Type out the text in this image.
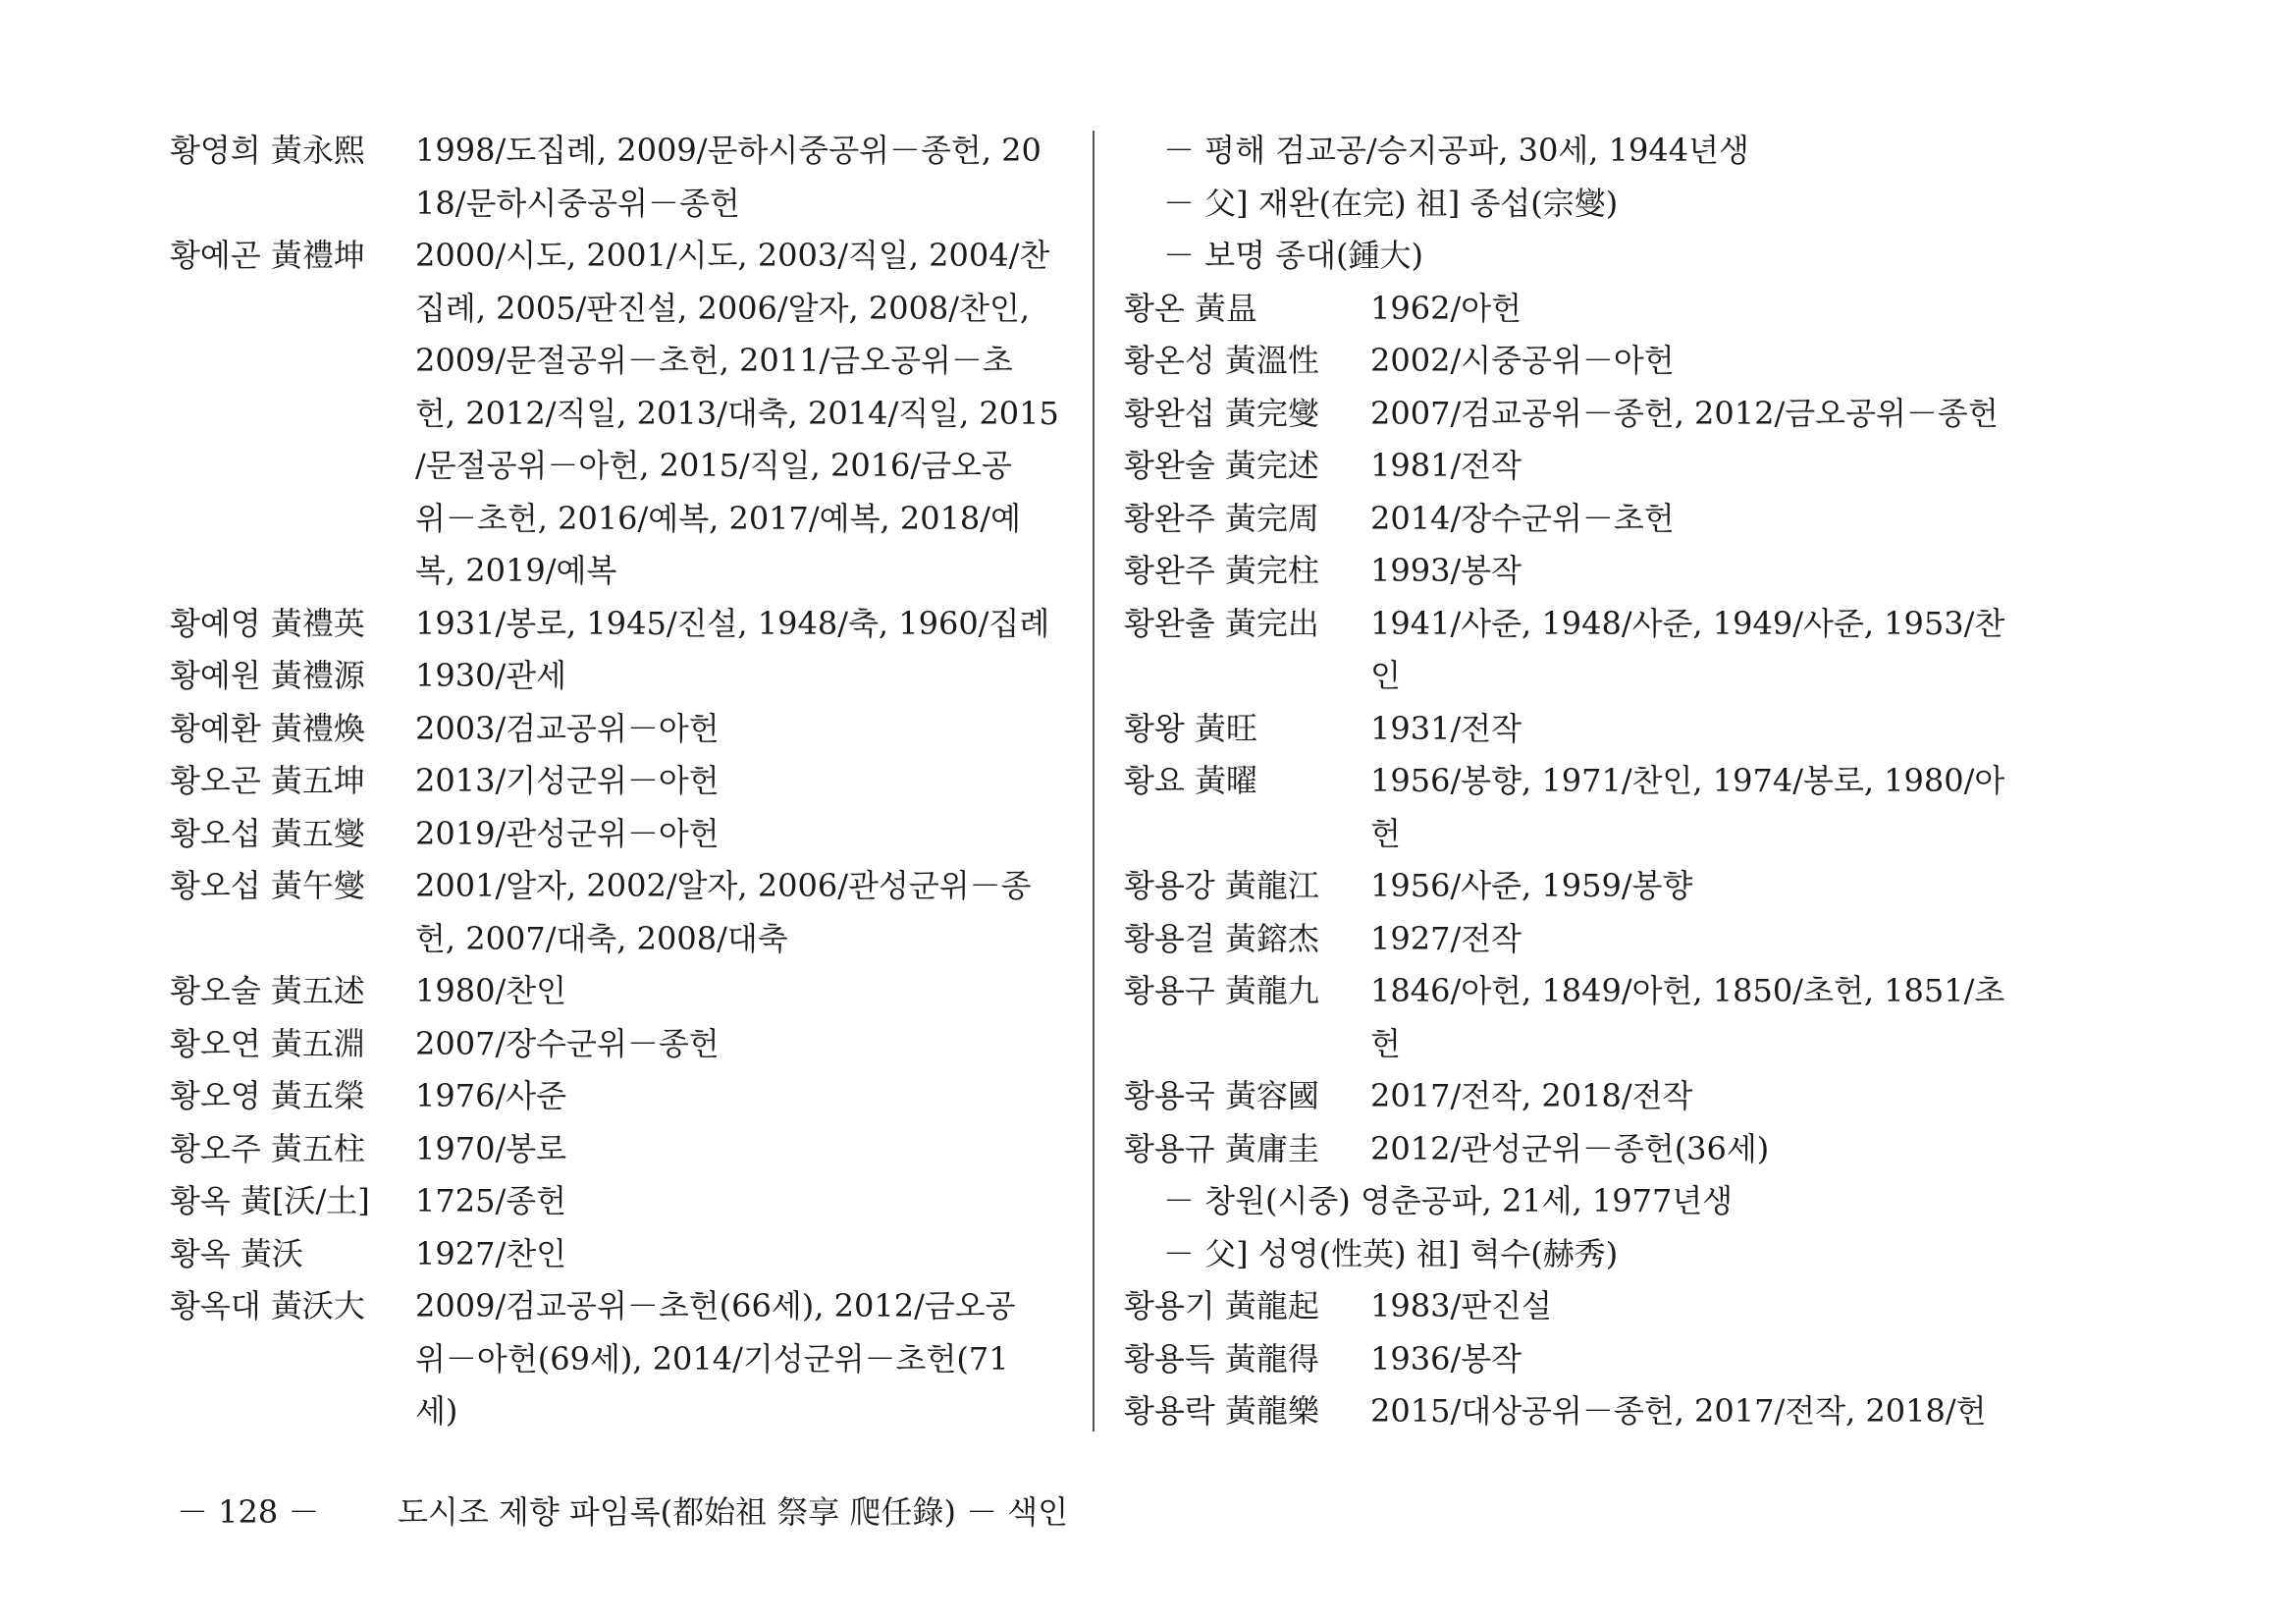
황영희 黃永熙	1998/도집례, 2009/문하시중공위－종헌, 20
18/문하시중공위－종헌
황예곤 黃禮坤	2000/시도, 2001/시도, 2003/직일, 2004/찬
집례, 2005/판진설, 2006/알자, 2008/찬인,
2009/문절공위－초헌, 2011/금오공위－초
헌, 2012/직일, 2013/대축, 2014/직일, 2015
/문절공위－아헌, 2015/직일, 2016/금오공
위－초헌, 2016/예복, 2017/예복, 2018/예
복, 2019/예복
황예영 黃禮英	1931/봉로, 1945/진설, 1948/축, 1960/집례
황예원 黃禮源	1930/관세
황예환 黃禮煥	2003/검교공위－아헌
황오곤 黃五坤	2013/기성군위－아헌
황오섭 黃五燮	2019/관성군위－아헌
황오섭 黃午燮	2001/알자, 2002/알자, 2006/관성군위－종
헌, 2007/대축, 2008/대축
황오술 黃五述	1980/찬인
황오연 黃五淵	2007/장수군위－종헌
황오영 黃五榮	1976/사준
황오주 黃五柱	1970/봉로
황옥 黃[沃/土]	1725/종헌
황옥 黃沃	1927/찬인
황옥대 黃沃大	2009/검교공위－초헌(66세), 2012/금오공
위－아헌(69세), 2014/기성군위－초헌(71
세)
－ 평해 검교공/승지공파, 30세, 1944년생
－ 父] 재완(在完) 祖] 종섭(宗燮)
－ 보명 종대(鍾大)
황온 黃昷	1962/아헌
황온성 黃溫性	2002/시중공위－아헌
황완섭 黃完燮	2007/검교공위－종헌, 2012/금오공위－종헌
황완술 黃完述	1981/전작
황완주 黃完周	2014/장수군위－초헌
황완주 黃完柱	1993/봉작
황완출 黃完出	1941/사준, 1948/사준, 1949/사준, 1953/찬
인
황왕 黃旺	1931/전작
황요 黃曜	1956/봉향, 1971/찬인, 1974/봉로, 1980/아
헌
황용강 黃龍江	1956/사준, 1959/봉향
황용걸 黃鎔杰	1927/전작
황용구 黃龍九	1846/아헌, 1849/아헌, 1850/초헌, 1851/초
헌
황용국 黃容國	2017/전작, 2018/전작
황용규 黃庸圭	2012/관성군위－종헌(36세)
－ 창원(시중) 영춘공파, 21세, 1977년생
－ 父] 성영(性英) 祖] 혁수(赫秀)
황용기 黃龍起	1983/판진설
황용득 黃龍得	1936/봉작
황용락 黃龍樂	2015/대상공위－종헌, 2017/전작, 2018/헌
－ 128 － 도시조 제향 파임록(都始祖 祭享 爬任錄) － 색인
